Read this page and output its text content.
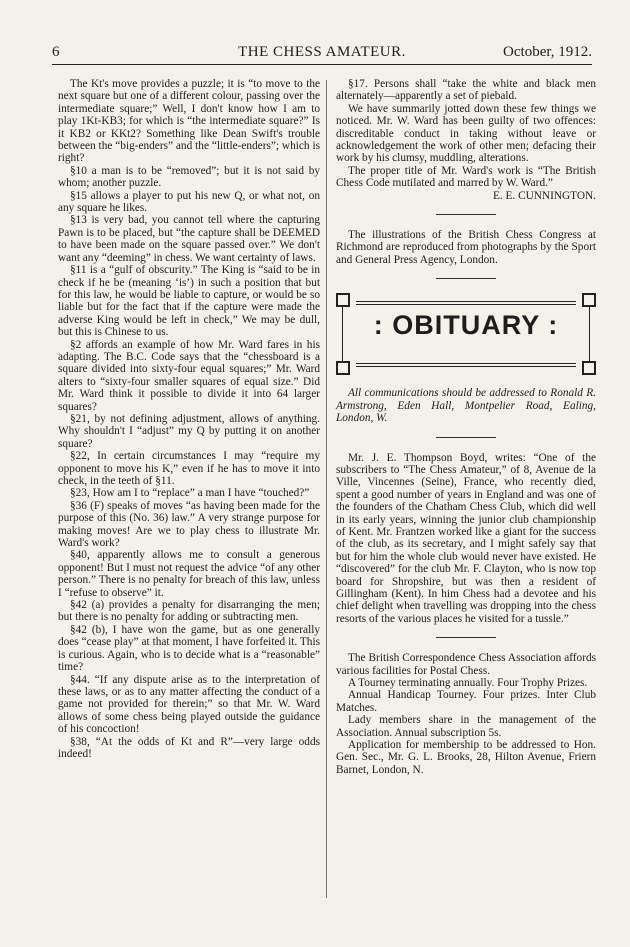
6	THE CHESS AMATEUR.	October, 1912.

The Kt's move provides a puzzle; it is “to move to the next square but one of a different colour, passing over the intermediate square;” Well, I don't know how I am to play 1Kt-KB3; for which is “the intermediate square?” Is it KB2 or KKt2? Something like Dean Swift's trouble between the “big-enders” and the “little-enders”; which is right?

§10 a man is to be “removed”; but it is not said by whom; another puzzle.

§15 allows a player to put his new Q, or what not, on any square he likes.

§13 is very bad, you cannot tell where the capturing Pawn is to be placed, but “the capture shall be DEEMED to have been made on the square passed over.” We don't want any “deeming” in chess. We want certainty of laws.

§11 is a “gulf of obscurity.” The King is “said to be in check if he be (meaning ‘is’) in such a position that but for this law, he would be liable to capture, or would be so liable but for the fact that if the capture were made the adverse King would be left in check,” We may be dull, but this is Chinese to us.

§2 affords an example of how Mr. Ward fares in his adapting. The B.C. Code says that the “chessboard is a square divided into sixty-four equal squares;” Mr. Ward alters to “sixty-four smaller squares of equal size.” Did Mr. Ward think it possible to divide it into 64 larger squares?

§21, by not defining adjustment, allows of anything. Why shouldn't I “adjust” my Q by putting it on another square?

§22, In certain circumstances I may “require my opponent to move his K,” even if he has to move it into check, in the teeth of §11.

§23, How am I to “replace” a man I have “touched?”

§36 (F) speaks of moves “as having been made for the purpose of this (No. 36) law.” A very strange purpose for making moves! Are we to play chess to illustrate Mr. Ward's work?

§40, apparently allows me to consult a generous opponent! But I must not request the advice “of any other person.” There is no penalty for breach of this law, unless I “refuse to observe” it.

§42 (a) provides a penalty for disarranging the men; but there is no penalty for adding or subtracting men.

§42 (b), I have won the game, but as one generally does “cease play” at that moment, I have forfeited it. This is curious. Again, who is to decide what is a “reasonable” time?

§44. “If any dispute arise as to the interpretation of these laws, or as to any matter affecting the conduct of a game not provided for therein;” so that Mr. W. Ward allows of some chess being played outside the guidance of his concoction!

§38, “At the odds of Kt and R”—very large odds indeed!

§17. Persons shall “take the white and black men alternately—apparently a set of piebald.

We have summarily jotted down these few things we noticed. Mr. W. Ward has been guilty of two offences: discreditable conduct in taking without leave or acknowledgement the work of other men; defacing their work by his clumsy, muddling, alterations.

The proper title of Mr. Ward's work is “The British Chess Code mutilated and marred by W. Ward.”

E. E. CUNNINGTON.

The illustrations of the British Chess Congress at Richmond are reproduced from photographs by the Sport and General Press Agency, London.

: OBITUARY :

All communications should be addressed to Ronald R. Armstrong, Eden Hall, Montpelier Road, Ealing, London, W.

Mr. J. E. Thompson Boyd, writes: “One of the subscribers to “The Chess Amateur,” of 8, Avenue de la Ville, Vincennes (Seine), France, who recently died, spent a good number of years in England and was one of the founders of the Chatham Chess Club, which did well in its early years, winning the junior club championship of Kent. Mr. Frantzen worked like a giant for the success of the club, as its secretary, and I might safely say that but for him the whole club would never have existed. He “discovered” for the club Mr. F. Clayton, who is now top board for Shropshire, but was then a resident of Gillingham (Kent). In him Chess had a devotee and his chief delight when travelling was dropping into the chess resorts of the various places he visited for a tussle.”

The British Correspondence Chess Association affords various facilities for Postal Chess.

A Tourney terminating annually. Four Trophy Prizes.

Annual Handicap Tourney. Four prizes. Inter Club Matches.

Lady members share in the management of the Association. Annual subscription 5s.

Application for membership to be addressed to Hon. Gen. Sec., Mr. G. L. Brooks, 28, Hilton Avenue, Friern Barnet, London, N.
